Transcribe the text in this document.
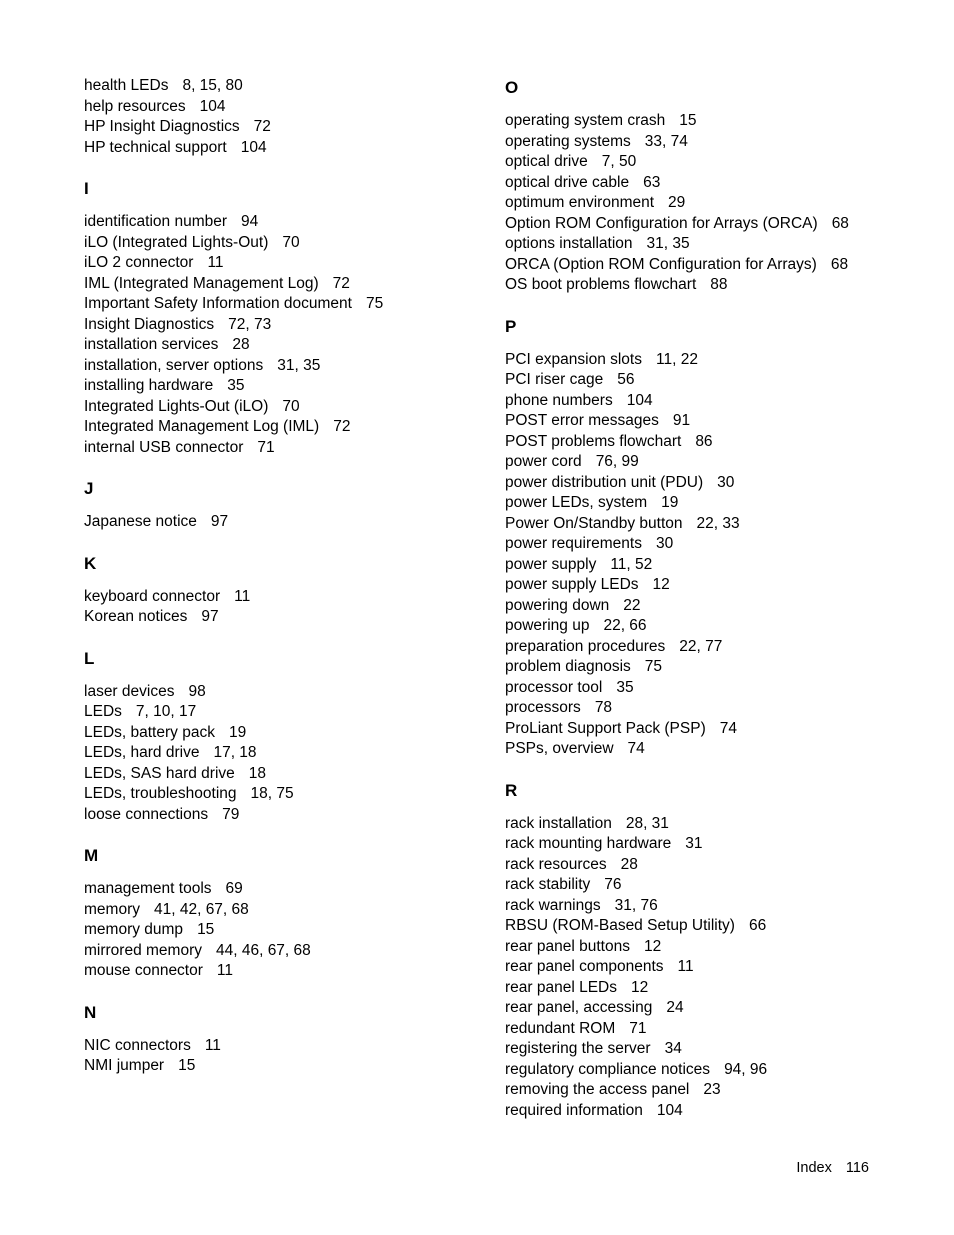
health LEDs 8, 15, 80
help resources 104
HP Insight Diagnostics 72
HP technical support 104
I
identification number 94
iLO (Integrated Lights-Out) 70
iLO 2 connector 11
IML (Integrated Management Log) 72
Important Safety Information document 75
Insight Diagnostics 72, 73
installation services 28
installation, server options 31, 35
installing hardware 35
Integrated Lights-Out (iLO) 70
Integrated Management Log (IML) 72
internal USB connector 71
J
Japanese notice 97
K
keyboard connector 11
Korean notices 97
L
laser devices 98
LEDs 7, 10, 17
LEDs, battery pack 19
LEDs, hard drive 17, 18
LEDs, SAS hard drive 18
LEDs, troubleshooting 18, 75
loose connections 79
M
management tools 69
memory 41, 42, 67, 68
memory dump 15
mirrored memory 44, 46, 67, 68
mouse connector 11
N
NIC connectors 11
NMI jumper 15
O
operating system crash 15
operating systems 33, 74
optical drive 7, 50
optical drive cable 63
optimum environment 29
Option ROM Configuration for Arrays (ORCA) 68
options installation 31, 35
ORCA (Option ROM Configuration for Arrays) 68
OS boot problems flowchart 88
P
PCI expansion slots 11, 22
PCI riser cage 56
phone numbers 104
POST error messages 91
POST problems flowchart 86
power cord 76, 99
power distribution unit (PDU) 30
power LEDs, system 19
Power On/Standby button 22, 33
power requirements 30
power supply 11, 52
power supply LEDs 12
powering down 22
powering up 22, 66
preparation procedures 22, 77
problem diagnosis 75
processor tool 35
processors 78
ProLiant Support Pack (PSP) 74
PSPs, overview 74
R
rack installation 28, 31
rack mounting hardware 31
rack resources 28
rack stability 76
rack warnings 31, 76
RBSU (ROM-Based Setup Utility) 66
rear panel buttons 12
rear panel components 11
rear panel LEDs 12
rear panel, accessing 24
redundant ROM 71
registering the server 34
regulatory compliance notices 94, 96
removing the access panel 23
required information 104
Index 116
